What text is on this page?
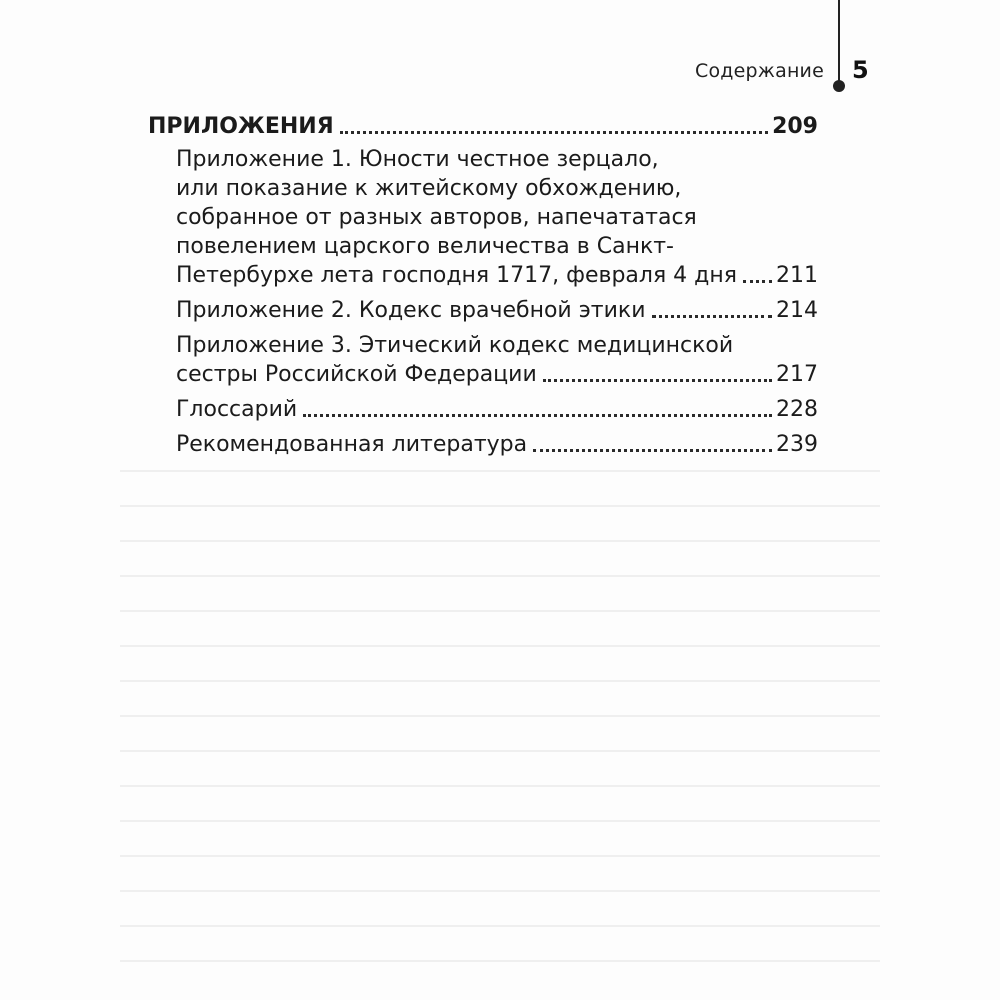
Содержание 5
ПРИЛОЖЕНИЯ	209
Приложение 1. Юности честное зерцало,
или показание к житейскому обхождению,
собранное от разных авторов, напечататася
повелением царского величества в Санкт-
Петербурхе лета господня 1717, февраля 4 дня 211
Приложение 2. Кодекс врачебной этики	214
Приложение 3. Этический кодекс медицинской
сестры Российской Федерации	217
Глоссарий	228
Рекомендованная литература	239
